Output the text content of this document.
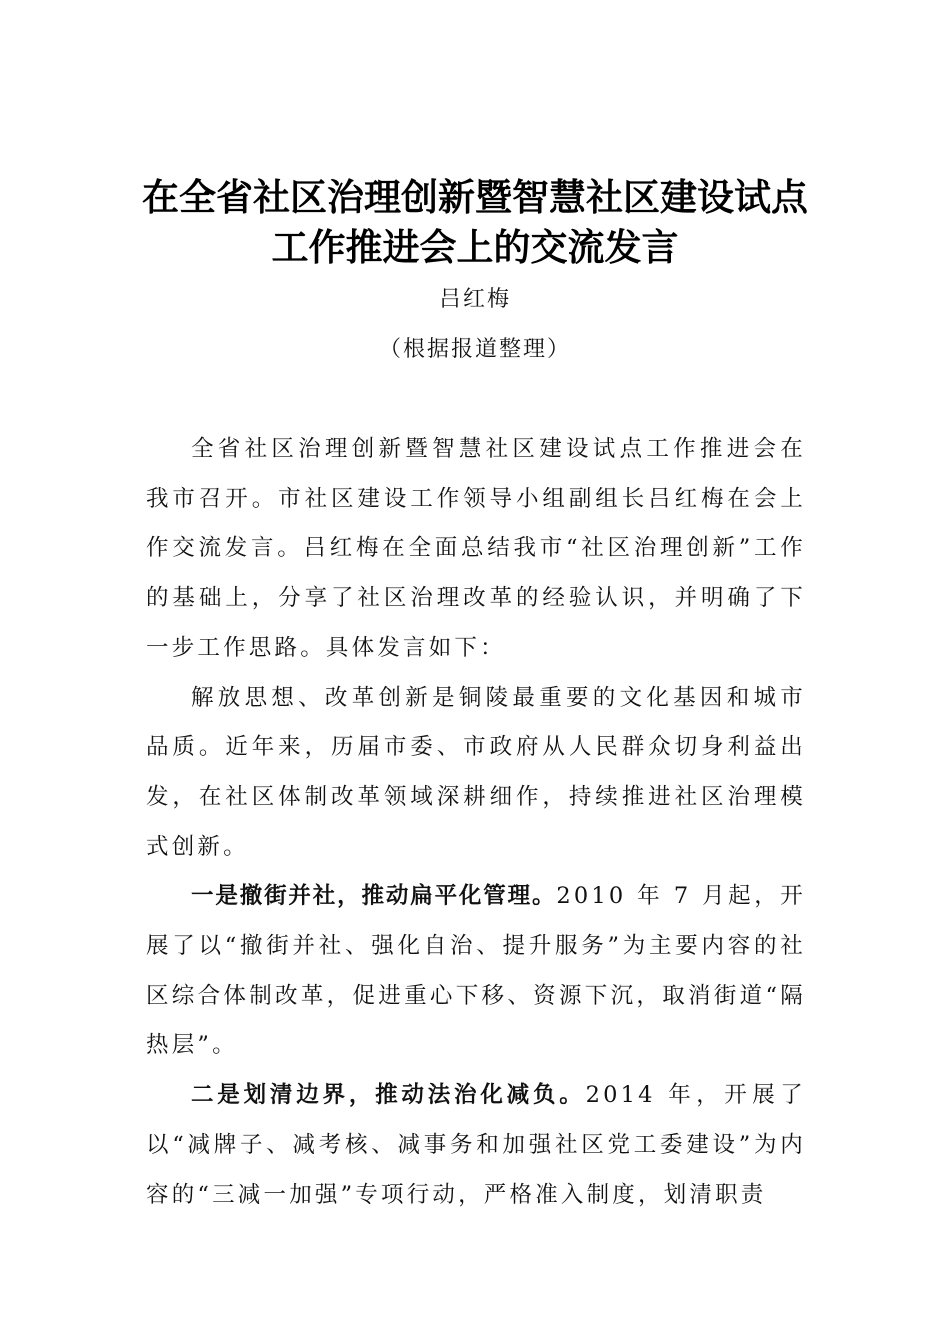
在全省社区治理创新暨智慧社区建设试点
工作推进会上的交流发言
吕红梅
（根据报道整理）

全省社区治理创新暨智慧社区建设试点工作推进会在我市召开。市社区建设工作领导小组副组长吕红梅在会上作交流发言。吕红梅在全面总结我市“社区治理创新”工作的基础上，分享了社区治理改革的经验认识，并明确了下一步工作思路。具体发言如下：

解放思想、改革创新是铜陵最重要的文化基因和城市品质。近年来，历届市委、市政府从人民群众切身利益出发，在社区体制改革领域深耕细作，持续推进社区治理模式创新。

一是撤街并社，推动扁平化管理。2010 年 7 月起，开展了以“撤街并社、强化自治、提升服务”为主要内容的社区综合体制改革，促进重心下移、资源下沉，取消街道“隔热层”。

二是划清边界，推动法治化减负。2014 年，开展了以“减牌子、减考核、减事务和加强社区党工委建设”为内容的“三减一加强”专项行动，严格准入制度，划清职责
